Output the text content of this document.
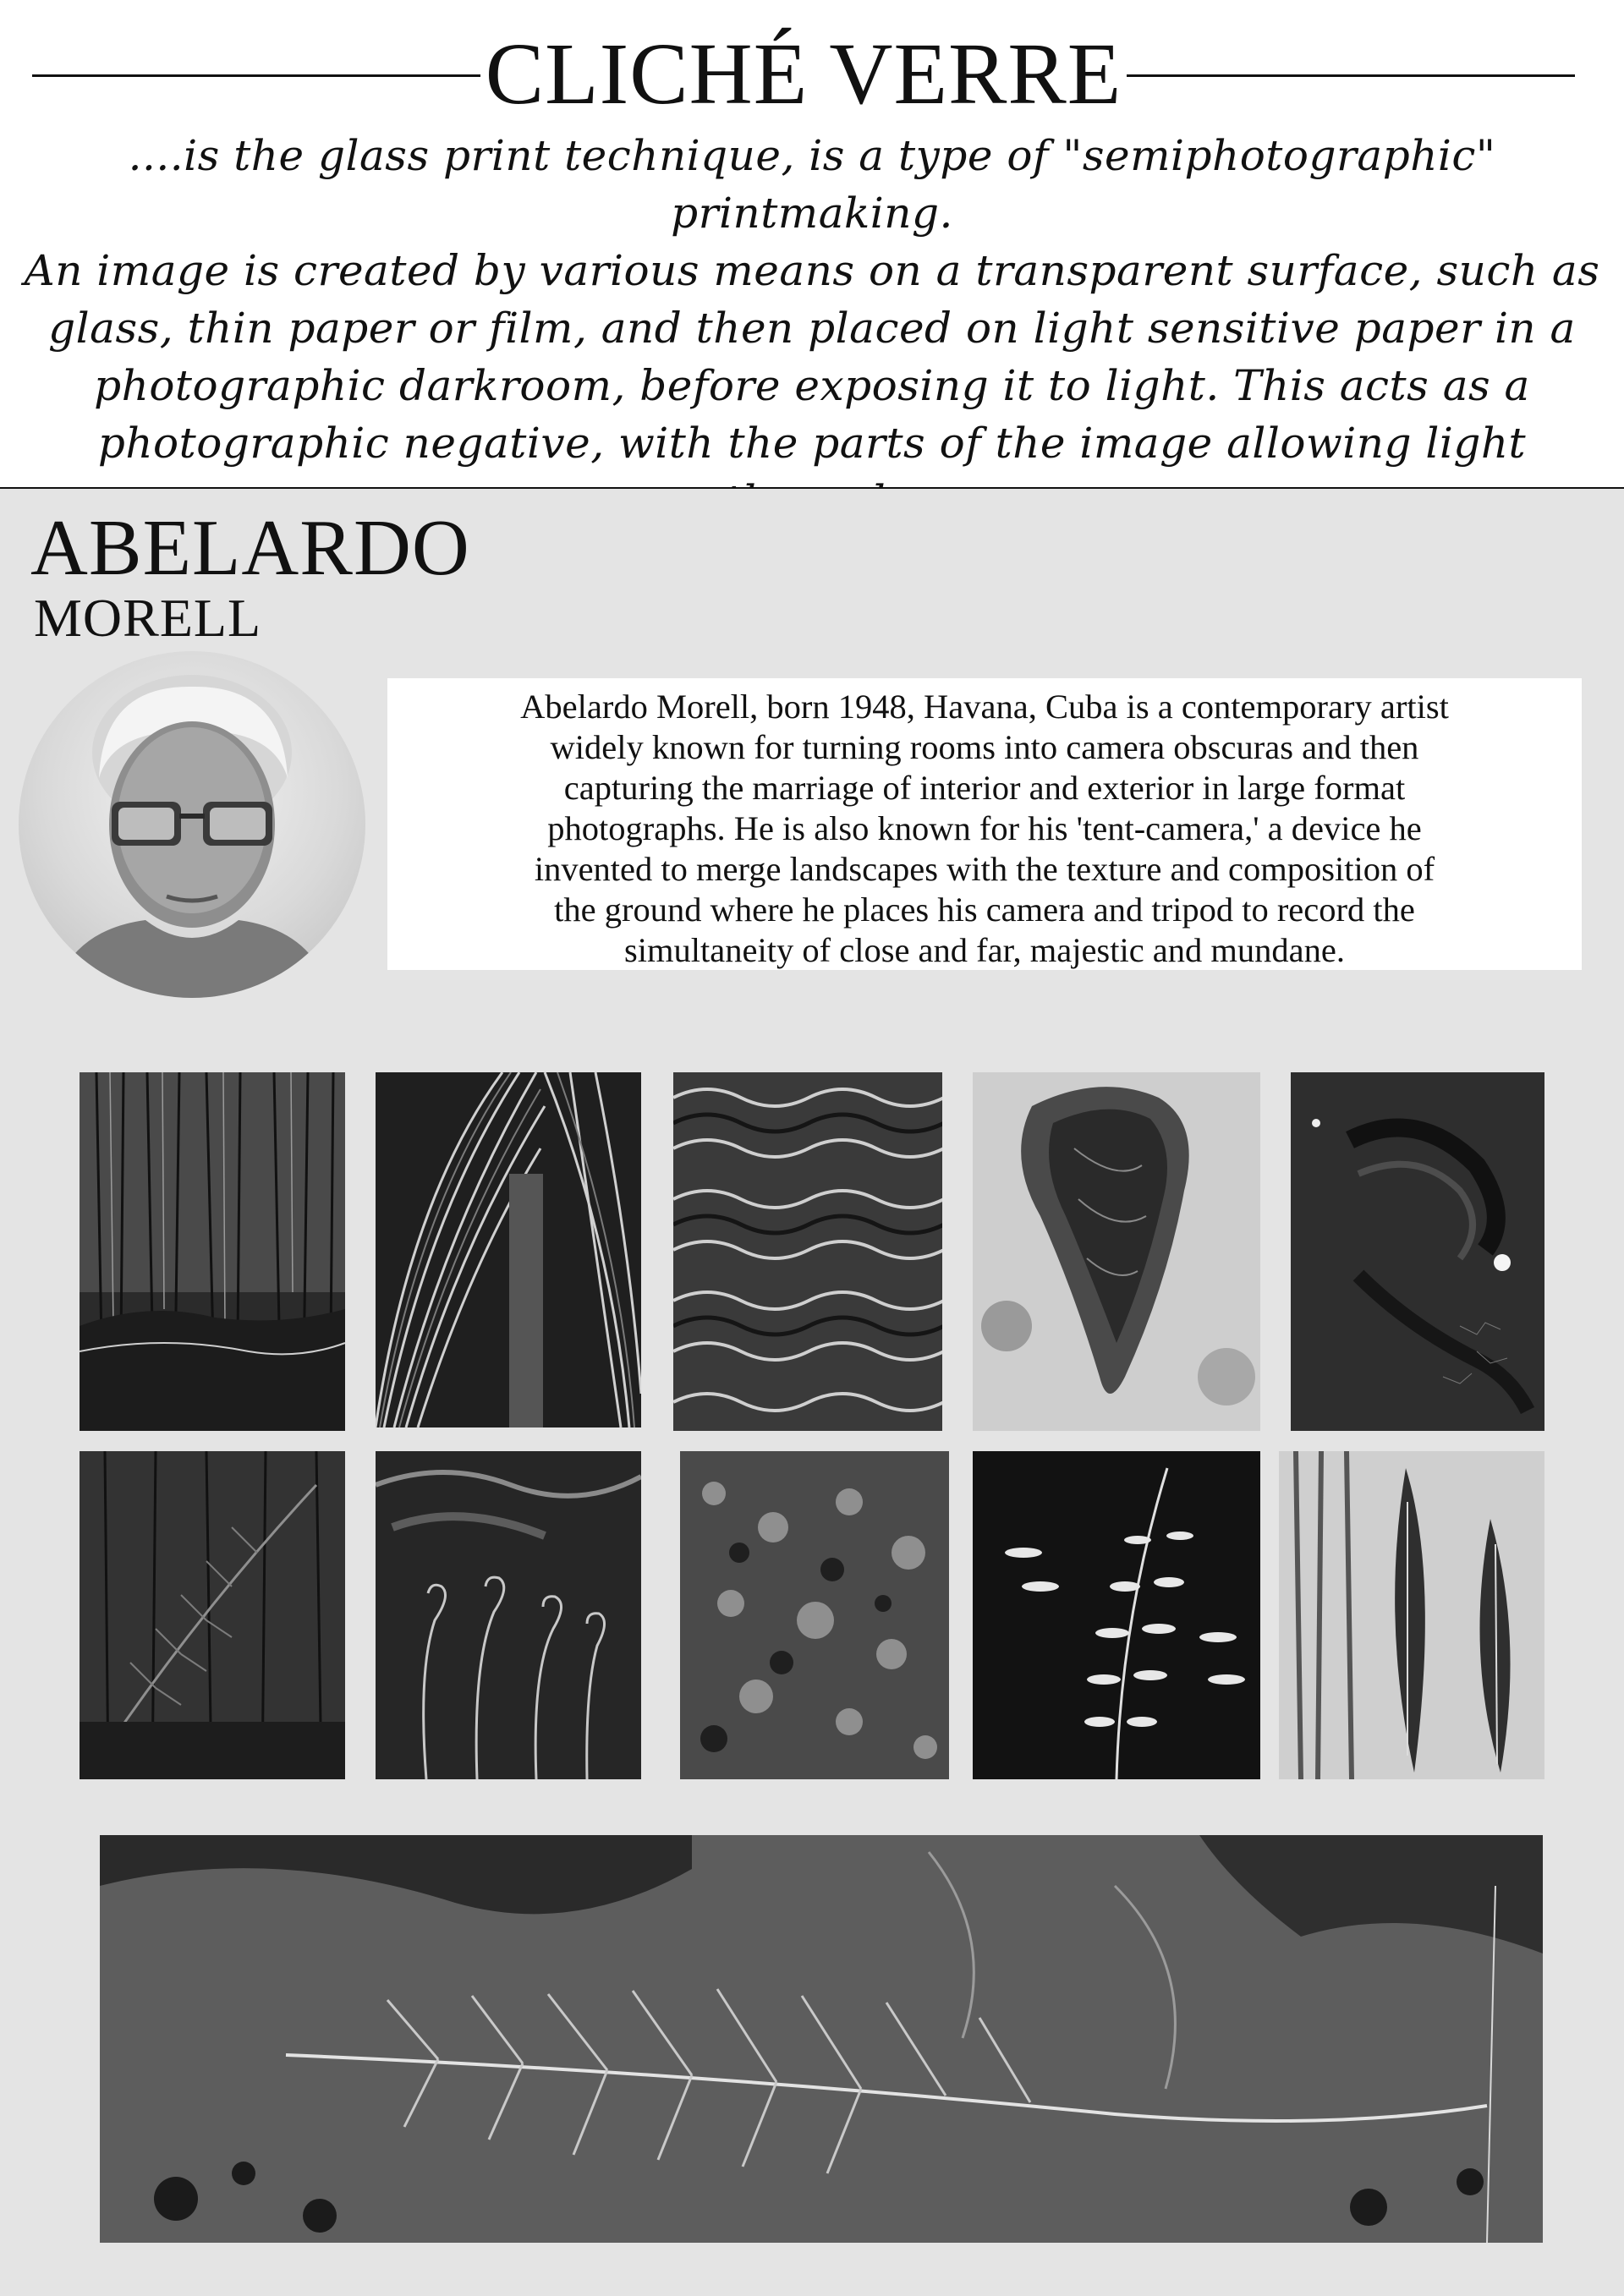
CLICHÉ VERRE
....is the glass print technique, is a type of "semiphotographic" printmaking.
An image is created by various means on a transparent surface, such as
glass, thin paper or film, and then placed on light sensitive paper in a
photographic darkroom, before exposing it to light. This acts as a
photographic negative, with the parts of the image allowing light
ABELARDO
MORELL
Abelardo Morell, born 1948, Havana, Cuba is a contemporary artist
widely known for turning rooms into camera obscuras and then
capturing the marriage of interior and exterior in large format
photographs. He is also known for his 'tent-camera,' a device he
invented to merge landscapes with the texture and composition of
the ground where he places his camera and tripod to record the
simultaneity of close and far, majestic and mundane.
